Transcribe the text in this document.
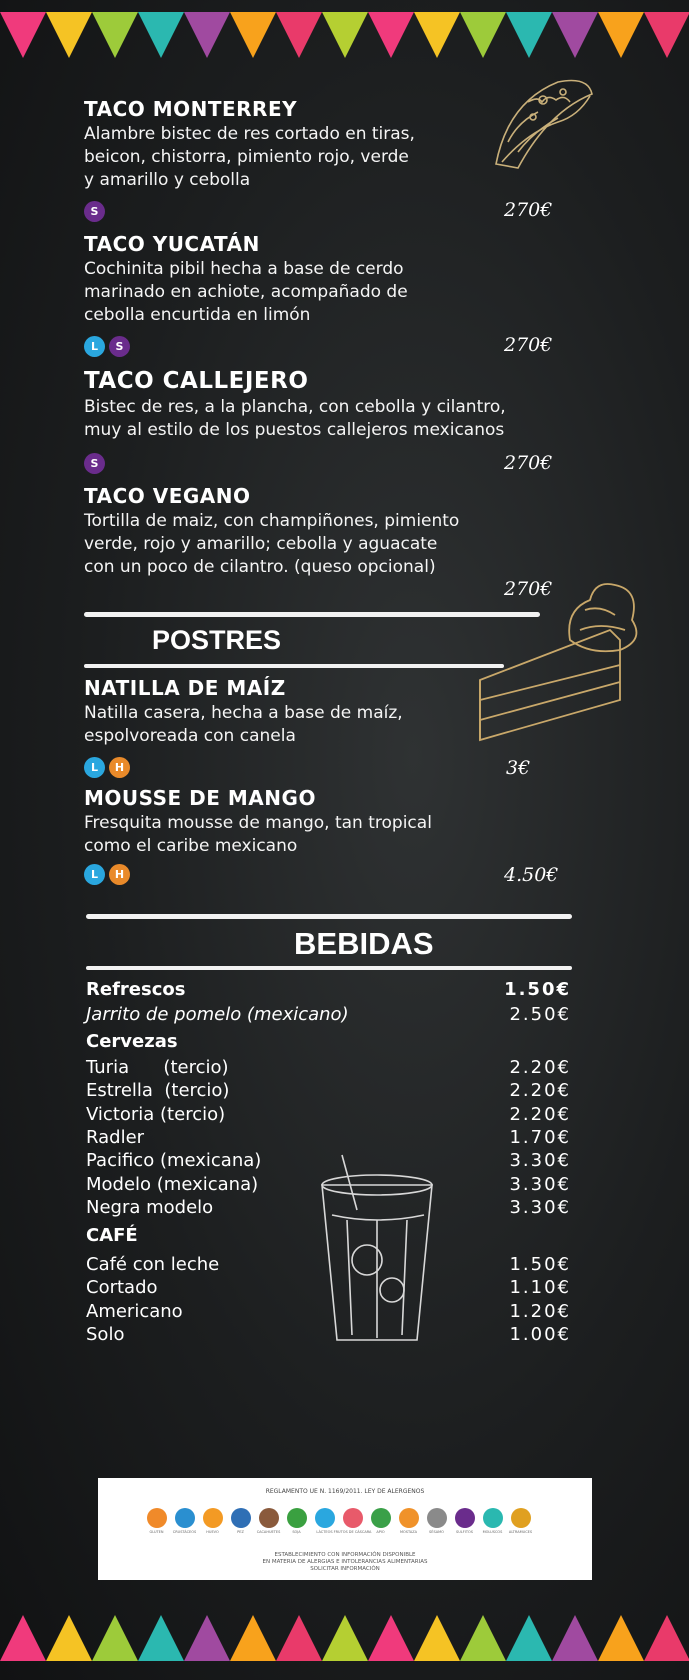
TACO MONTERREY
Alambre bistec de res cortado en tiras,
beicon, chistorra, pimiento rojo, verde
y amarillo y cebolla
S	270€
TACO YUCATÁN
Cochinita pibil hecha a base de cerdo
marinado en achiote, acompañado de
cebolla encurtida en limón
L	S	270€
TACO CALLEJERO
Bistec de res, a la plancha, con cebolla y cilantro,
muy al estilo de los puestos callejeros mexicanos
S	270€
TACO VEGANO
Tortilla de maiz, con champiñones, pimiento
verde, rojo y amarillo; cebolla y aguacate
con un poco de cilantro. (queso opcional)
270€
POSTRES
NATILLA DE MAÍZ
Natilla casera, hecha a base de maíz,
espolvoreada con canela
L	H	3€
MOUSSE DE MANGO
Fresquita mousse de mango, tan tropical
como el caribe mexicano
L	H	4.50€
BEBIDAS
Refrescos	1.50€
Jarrito de pomelo (mexicano)	2.50€
Cervezas
Turia      (tercio)	2.20€
Estrella  (tercio)	2.20€
Victoria (tercio)	2.20€
Radler	1.70€
Pacifico (mexicana)	3.30€
Modelo (mexicana)	3.30€
Negra modelo	3.30€
CAFÉ
Café con leche	1.50€
Cortado	1.10€
Americano	1.20€
Solo	1.00€
REGLAMENTO UE N. 1169/2011. LEY DE ALERGENOS
GLUTEN	CRUSTÁCEOS	HUEVO	PEZ	CACAHUETES	SOJA	LÁCTEOS FRUTOS DE CÁSCARA APIO	MOSTAZA	SÉSAMO	SULFITOS	MOLUSCOS ALTRAMUCES
ESTABLECIMIENTO CON INFORMACIÓN DISPONIBLE
EN MATERIA DE ALERGIAS E INTOLERANCIAS ALIMENTARIAS
SOLICITAR INFORMACIÓN
